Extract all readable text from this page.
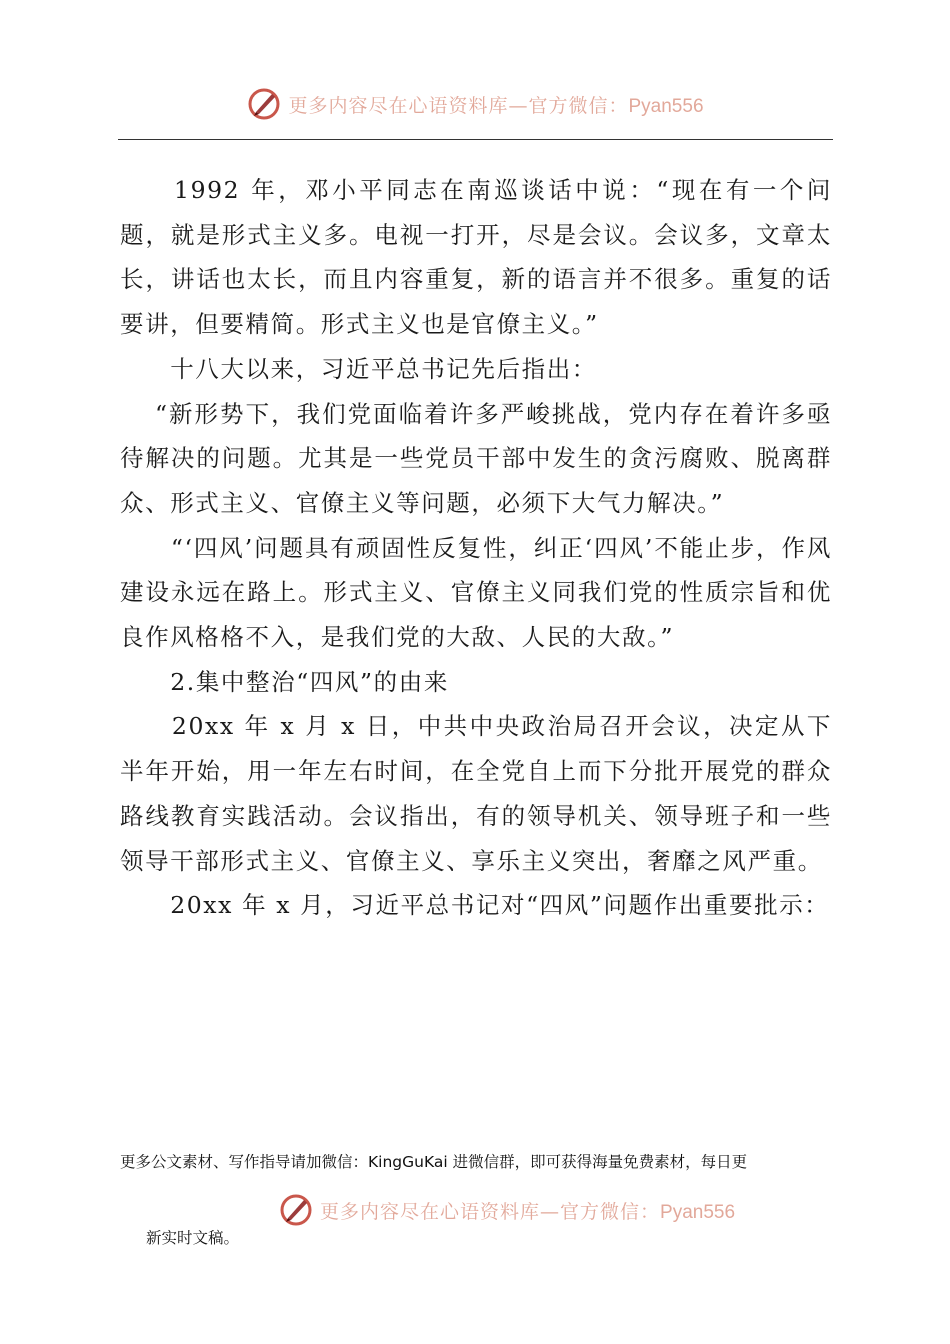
更多内容尽在心语资料库—官方微信：Pyan556

　　1992 年，邓小平同志在南巡谈话中说：“现在有一个问题，就是形式主义多。电视一打开，尽是会议。会议多，文章太长，讲话也太长，而且内容重复，新的语言并不很多。重复的话要讲，但要精简。形式主义也是官僚主义。”

　　十八大以来，习近平总书记先后指出：

　 “新形势下，我们党面临着许多严峻挑战，党内存在着许多亟待解决的问题。尤其是一些党员干部中发生的贪污腐败、脱离群众、形式主义、官僚主义等问题，必须下大气力解决。”

　　“‘四风’问题具有顽固性反复性，纠正‘四风’不能止步，作风建设永远在路上。形式主义、官僚主义同我们党的性质宗旨和优良作风格格不入，是我们党的大敌、人民的大敌。”

　　2.集中整治“四风”的由来

　　20xx 年 x 月 x 日，中共中央政治局召开会议，决定从下半年开始，用一年左右时间，在全党自上而下分批开展党的群众路线教育实践活动。会议指出，有的领导机关、领导班子和一些领导干部形式主义、官僚主义、享乐主义突出，奢靡之风严重。

　　20xx 年 x 月，习近平总书记对“四风”问题作出重要批示：

更多公文素材、写作指导请加微信：KingGuKai 进微信群，即可获得海量免费素材，每日更
更多内容尽在心语资料库—官方微信：Pyan556
新实时文稿。
